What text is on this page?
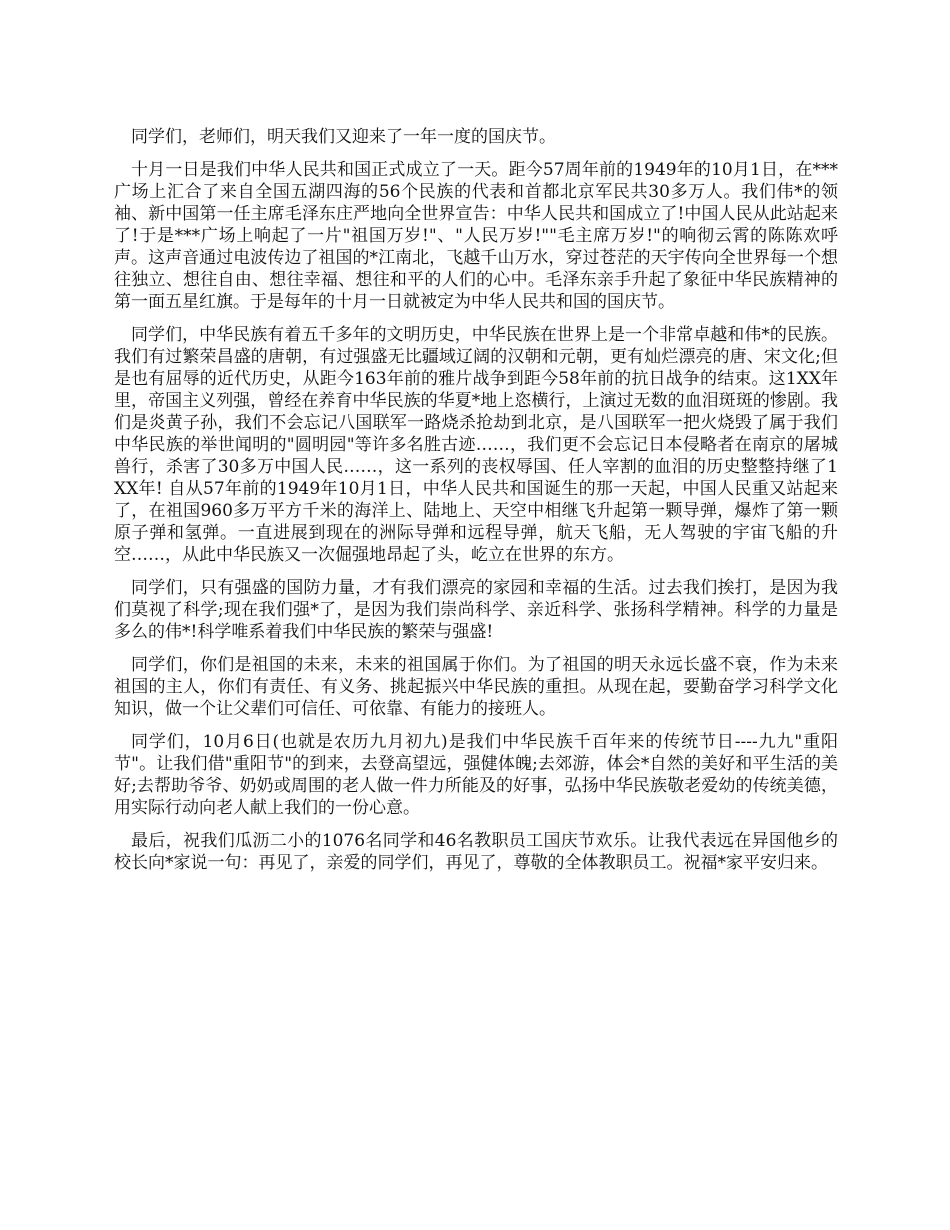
同学们，老师们，明天我们又迎来了一年一度的国庆节。

十月一日是我们中华人民共和国正式成立了一天。距今57周年前的1949年的10月1日，在***广场上汇合了来自全国五湖四海的56个民族的代表和首都北京军民共30多万人。我们伟*的领袖、新中国第一任主席毛泽东庄严地向全世界宣告：中华人民共和国成立了!中国人民从此站起来了!于是***广场上响起了一片"祖国万岁!"、"人民万岁!""毛主席万岁!"的响彻云霄的陈陈欢呼声。这声音通过电波传边了祖国的*江南北，飞越千山万水，穿过苍茫的天宇传向全世界每一个想往独立、想往自由、想往幸福、想往和平的人们的心中。毛泽东亲手升起了象征中华民族精神的第一面五星红旗。于是每年的十月一日就被定为中华人民共和国的国庆节。

同学们，中华民族有着五千多年的文明历史，中华民族在世界上是一个非常卓越和伟*的民族。我们有过繁荣昌盛的唐朝，有过强盛无比疆域辽阔的汉朝和元朝，更有灿烂漂亮的唐、宋文化;但是也有屈辱的近代历史，从距今163年前的雅片战争到距今58年前的抗日战争的结束。这1XX年里，帝国主义列强，曾经在养育中华民族的华夏*地上恣横行，上演过无数的血泪斑斑的惨剧。我们是炎黄子孙，我们不会忘记八国联军一路烧杀抢劫到北京，是八国联军一把火烧毁了属于我们中华民族的举世闻明的"圆明园"等许多名胜古迹……，我们更不会忘记日本侵略者在南京的屠城兽行，杀害了30多万中国人民……，这一系列的丧权辱国、任人宰割的血泪的历史整整持继了1XX年! 自从57年前的1949年10月1日，中华人民共和国诞生的那一天起，中国人民重又站起来了，在祖国960多万平方千米的海洋上、陆地上、天空中相继飞升起第一颗导弹，爆炸了第一颗原子弹和氢弹。一直进展到现在的洲际导弹和远程导弹，航天飞船，无人驾驶的宇宙飞船的升空……，从此中华民族又一次倔强地昂起了头，屹立在世界的东方。

同学们，只有强盛的国防力量，才有我们漂亮的家园和幸福的生活。过去我们挨打，是因为我们莫视了科学;现在我们强*了，是因为我们崇尚科学、亲近科学、张扬科学精神。科学的力量是多么的伟*!科学唯系着我们中华民族的繁荣与强盛!

同学们，你们是祖国的未来，未来的祖国属于你们。为了祖国的明天永远长盛不衰，作为未来祖国的主人，你们有责任、有义务、挑起振兴中华民族的重担。从现在起，要勤奋学习科学文化知识，做一个让父辈们可信任、可依靠、有能力的接班人。

同学们，10月6日(也就是农历九月初九)是我们中华民族千百年来的传统节日----九九"重阳节"。让我们借"重阳节"的到来，去登高望远，强健体魄;去郊游，体会*自然的美好和平生活的美好;去帮助爷爷、奶奶或周围的老人做一件力所能及的好事，弘扬中华民族敬老爱幼的传统美德，用实际行动向老人献上我们的一份心意。

最后，祝我们瓜沥二小的1076名同学和46名教职员工国庆节欢乐。让我代表远在异国他乡的校长向*家说一句：再见了，亲爱的同学们，再见了，尊敬的全体教职员工。祝福*家平安归来。
